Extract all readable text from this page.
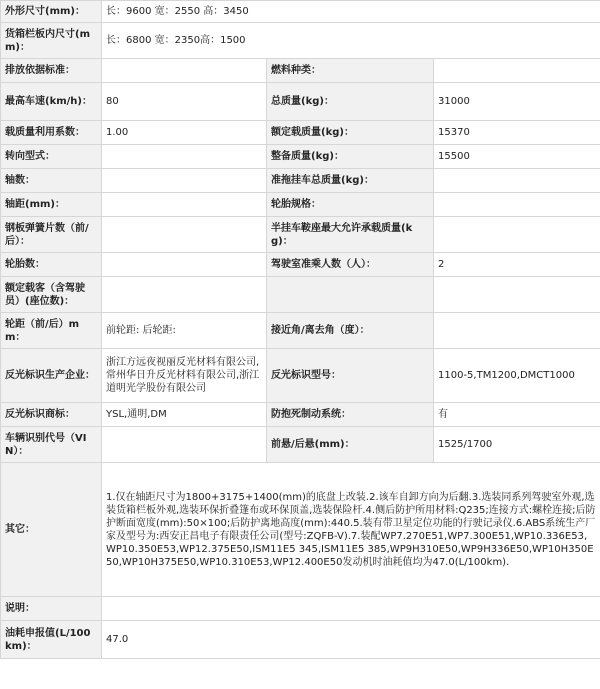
外形尺寸(mm)：	长：9600 宽：2550 高：3450		
货箱栏板内尺寸(mm)：	长：6800 宽：2350高：1500		
排放依据标准：		燃料种类：	
最高车速(km/h)：	80	总质量(kg)：	31000
载质量利用系数：	1.00	额定载质量(kg)：	15370
转向型式：		整备质量(kg)：	15500
轴数：		准拖挂车总质量(kg)：	
轴距(mm)：		轮胎规格：	
钢板弹簧片数（前/后）：		半挂车鞍座最大允许承载质量(kg)：	
轮胎数：		驾驶室准乘人数（人）：	2
额定载客（含驾驶员）(座位数)：			
轮距（前/后）mm：	前轮距: 后轮距:	接近角/离去角（度）：	
反光标识生产企业：	浙江方远夜视丽反光材料有限公司,常州华日升反光材料有限公司,浙江道明光学股份有限公司	反光标识型号：	1100-5,TM1200,DMCT1000
反光标识商标：	YSL,通明,DM	防抱死制动系统：	有
车辆识别代号（VIN）：		前悬/后悬(mm)：	1525/1700
其它：	1.仅在轴距尺寸为1800+3175+1400(mm)的底盘上改装.2.该车自卸方向为后翻.3.选装同系列驾驶室外观,选装货箱栏板外观,选装环保折叠篷布或环保顶盖,选装保险杆.4.侧后防护所用材料:Q235;连接方式:螺栓连接;后防护断面宽度(mm):50×100;后防护离地高度(mm):440.5.装有带卫星定位功能的行驶记录仪.6.ABS系统生产厂家及型号为:西安正昌电子有限责任公司(型号:ZQFB-V).7.装配WP7.270E51,WP7.300E51,WP10.336E53,WP10.350E53,WP12.375E50,ISM11E5 345,ISM11E5 385,WP9H310E50,WP9H336E50,WP10H350E50,WP10H375E50,WP10.310E53,WP12.400E50发动机时油耗值均为47.0(L/100km).		
说明：			
油耗申报值(L/100km)：	47.0		
